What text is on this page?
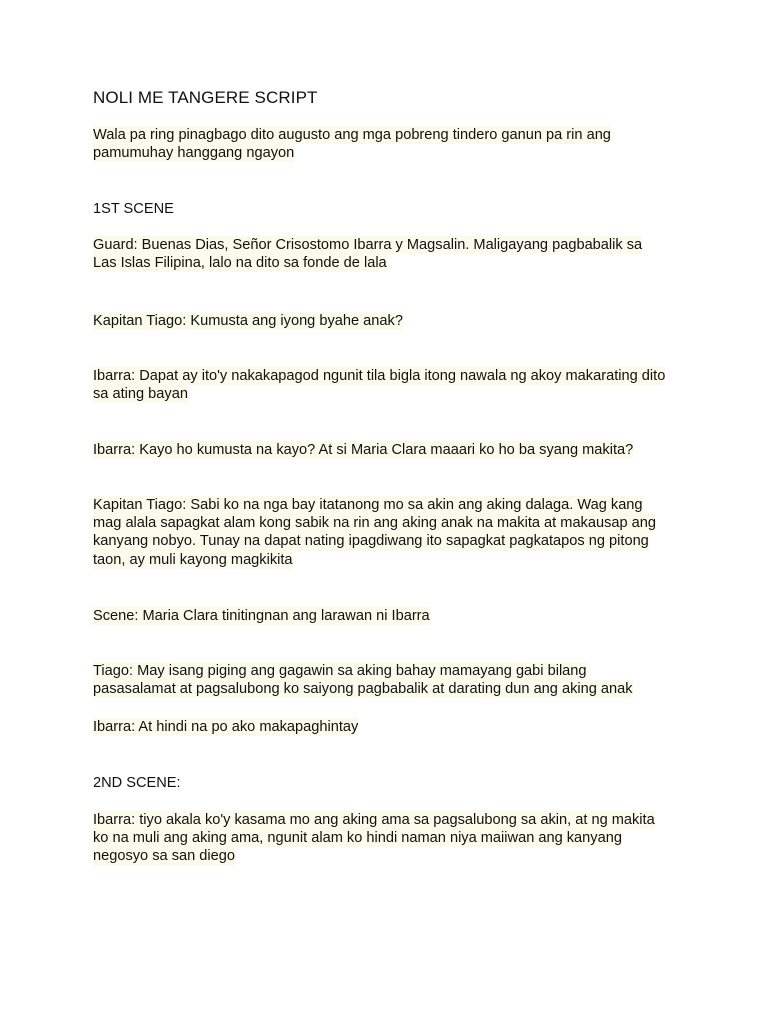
NOLI ME TANGERE SCRIPT
Wala pa ring pinagbago dito augusto ang mga pobreng tindero ganun pa rin ang
pamumuhay hanggang ngayon
1ST SCENE
Guard: Buenas Dias, Señor Crisostomo Ibarra y Magsalin. Maligayang pagbabalik sa
Las Islas Filipina, lalo na dito sa fonde de lala
Kapitan Tiago: Kumusta ang iyong byahe anak?
Ibarra: Dapat ay ito'y nakakapagod ngunit tila bigla itong nawala ng akoy makarating dito
sa ating bayan
Ibarra: Kayo ho kumusta na kayo? At si Maria Clara maaari ko ho ba syang makita?
Kapitan Tiago: Sabi ko na nga bay itatanong mo sa akin ang aking dalaga. Wag kang
mag alala sapagkat alam kong sabik na rin ang aking anak na makita at makausap ang
kanyang nobyo. Tunay na dapat nating ipagdiwang ito sapagkat pagkatapos ng pitong
taon, ay muli kayong magkikita
Scene: Maria Clara tinitingnan ang larawan ni Ibarra
Tiago: May isang piging ang gagawin sa aking bahay mamayang gabi bilang
pasasalamat at pagsalubong ko saiyong pagbabalik at darating dun ang aking anak
Ibarra: At hindi na po ako makapaghintay
2ND SCENE:
Ibarra: tiyo akala ko'y kasama mo ang aking ama sa pagsalubong sa akin, at ng makita
ko na muli ang aking ama, ngunit alam ko hindi naman niya maiiwan ang kanyang
negosyo sa san diego
